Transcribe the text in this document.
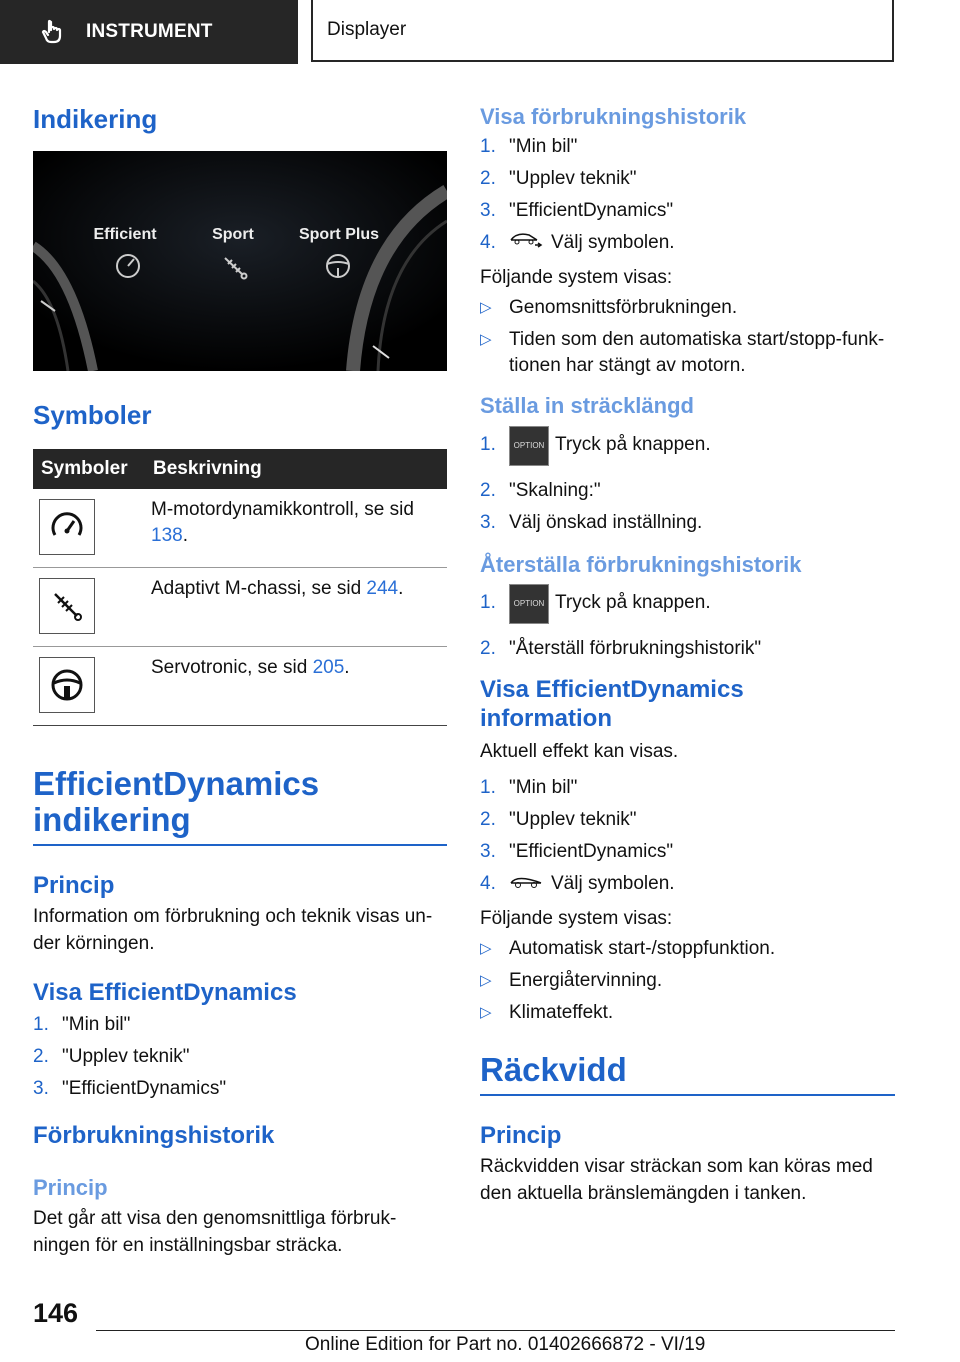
INSTRUMENT	Displayer
Indikering
Efficient	Sport	Sport Plus
Symboler
Symboler	Beskrivning

	M-motordynamikkontroll, se sid 138.

	Adaptivt M-chassi, se sid 244.

	Servotronic, se sid 205.
EfficientDynamics indikering
Princip

Information om förbrukning och teknik visas un- der körningen.

Visa EfficientDynamics
1. "Min bil"
2. "Upplev teknik"
3. "EfficientDynamics"
Förbrukningshistorik
Princip

Det går att visa den genomsnittliga förbruk- ningen för en inställningsbar sträcka.

Visa förbrukningshistorik
1. "Min bil"
2. "Upplev teknik"
3. "EfficientDynamics"
4.	Välj symbolen.

Följande system visas:

▷ Genomsnittsförbrukningen.
▷ Tiden som den automatiska start/stopp-funk- tionen har stängt av motorn.
Ställa in sträcklängd
1.	OPTION Tryck på knappen.
2. "Skalning:"
3. Välj önskad inställning.
Återställa förbrukningshistorik
1.	OPTION Tryck på knappen.
2. "Återställ förbrukningshistorik"
Visa EfficientDynamics information

Aktuell effekt kan visas.

1. "Min bil"
2. "Upplev teknik"
3. "EfficientDynamics"
4.	Välj symbolen.

Följande system visas:

▷ Automatisk start-/stoppfunktion.
▷ Energiåtervinning.
▷ Klimateffekt.
Räckvidd
Princip

Räckvidden visar sträckan som kan köras med den aktuella bränslemängden i tanken.

146
Online Edition for Part no. 01402666872 - VI/19
